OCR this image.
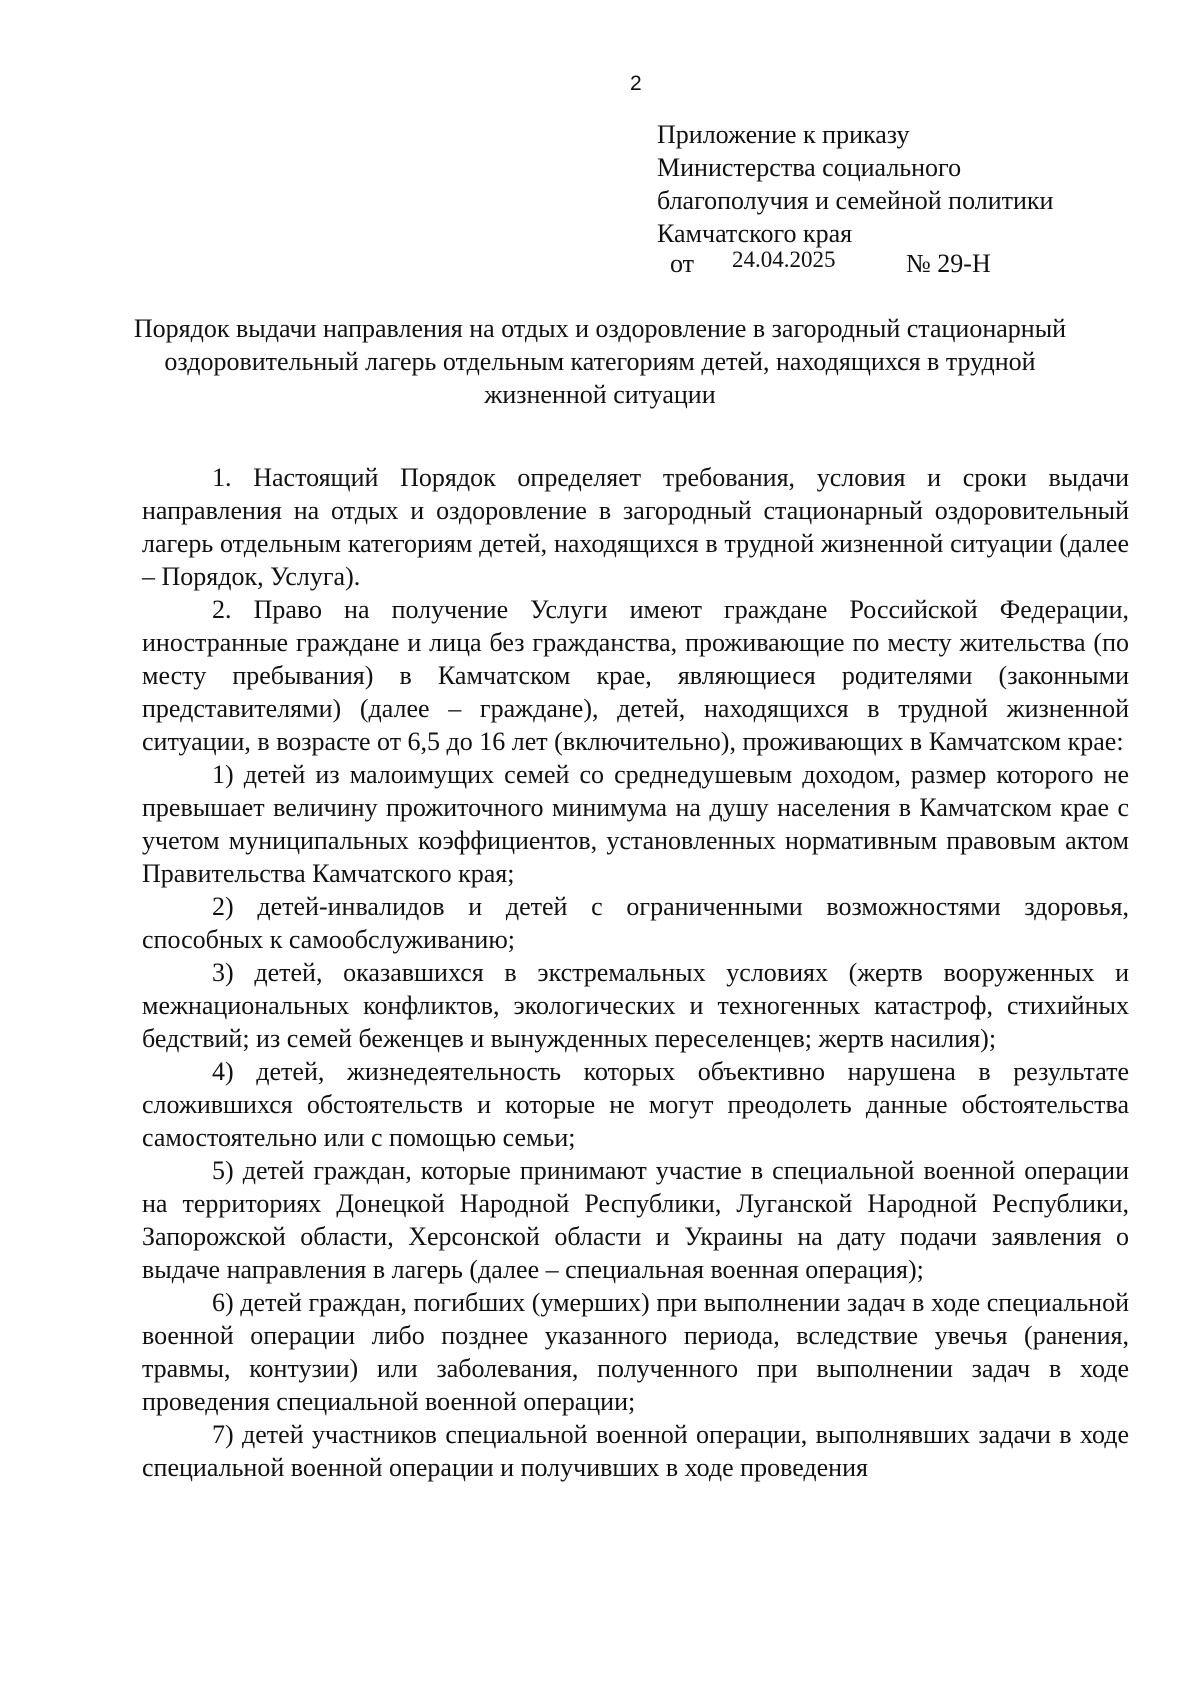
2
Приложение к приказу
Министерства социального
благополучия и семейной политики
Камчатского края
от 24.04.2025	№ 29-Н
Порядок выдачи направления на отдых и оздоровление в загородный стационарный оздоровительный лагерь отдельным категориям детей, находящихся в трудной жизненной ситуации

1. Настоящий Порядок определяет требования, условия и сроки выдачи направления на отдых и оздоровление в загородный стационарный оздоровительный лагерь отдельным категориям детей, находящихся в трудной жизненной ситуации (далее – Порядок, Услуга).

2. Право на получение Услуги имеют граждане Российской Федерации, иностранные граждане и лица без гражданства, проживающие по месту жительства (по месту пребывания) в Камчатском крае, являющиеся родителями (законными представителями) (далее – граждане), детей, находящихся в трудной жизненной ситуации, в возрасте от 6,5 до 16 лет (включительно), проживающих в Камчатском крае:

1) детей из малоимущих семей со среднедушевым доходом, размер которого не превышает величину прожиточного минимума на душу населения в Камчатском крае с учетом муниципальных коэффициентов, установленных нормативным правовым актом Правительства Камчатского края;

2) детей-инвалидов и детей с ограниченными возможностями здоровья, способных к самообслуживанию;

3) детей, оказавшихся в экстремальных условиях (жертв вооруженных и межнациональных конфликтов, экологических и техногенных катастроф, стихийных бедствий; из семей беженцев и вынужденных переселенцев; жертв насилия);

4) детей, жизнедеятельность которых объективно нарушена в результате сложившихся обстоятельств и которые не могут преодолеть данные обстоятельства самостоятельно или с помощью семьи;

5) детей граждан, которые принимают участие в специальной военной операции на территориях Донецкой Народной Республики, Луганской Народной Республики, Запорожской области, Херсонской области и Украины на дату подачи заявления о выдаче направления в лагерь (далее – специальная военная операция);

6) детей граждан, погибших (умерших) при выполнении задач в ходе специальной военной операции либо позднее указанного периода, вследствие увечья (ранения, травмы, контузии) или заболевания, полученного при выполнении задач в ходе проведения специальной военной операции;

7) детей участников специальной военной операции, выполнявших задачи в ходе специальной военной операции и получивших в ходе проведения
